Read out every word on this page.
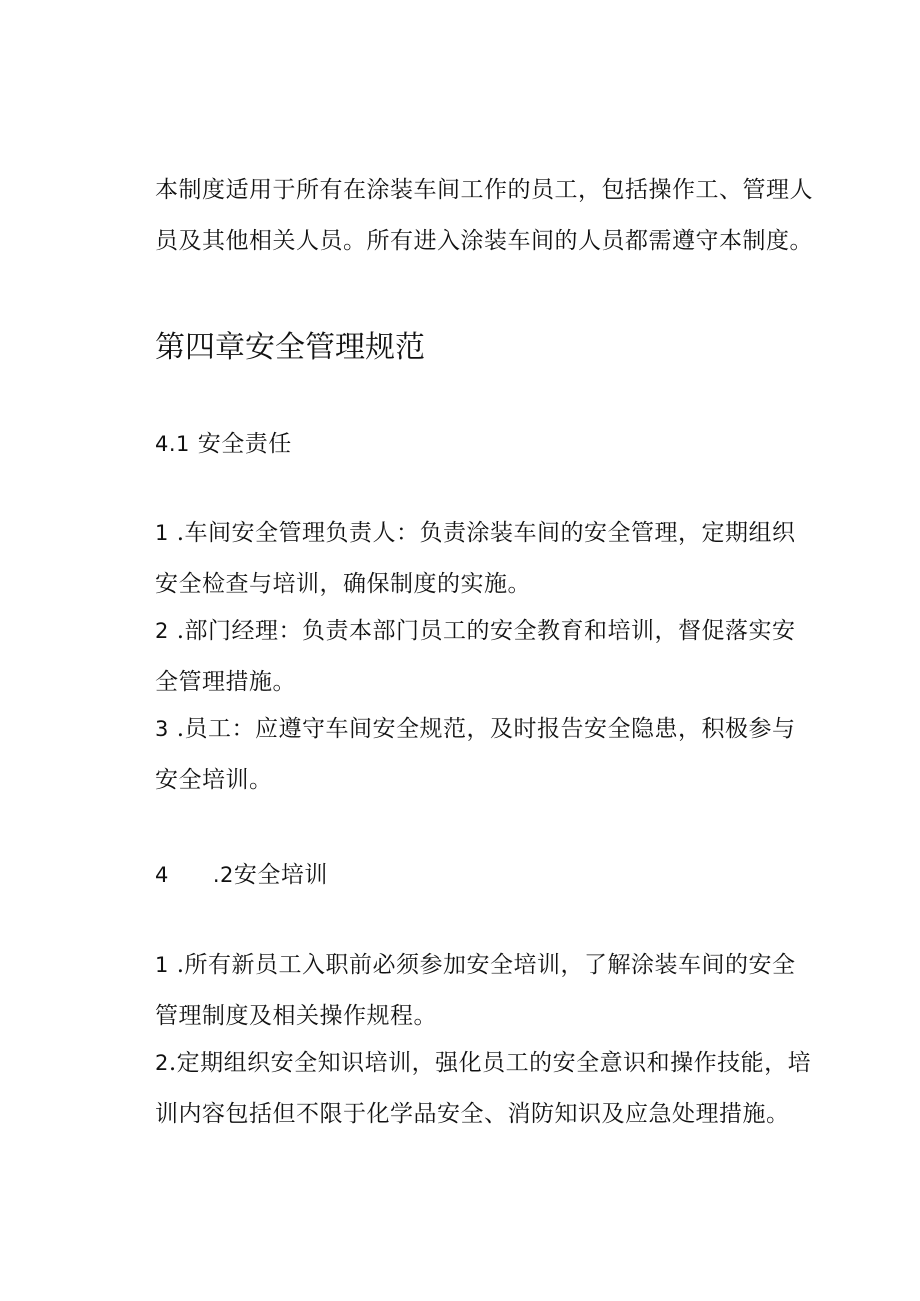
本制度适用于所有在涂装车间工作的员工，包括操作工、管理人员及其他相关人员。所有进入涂装车间的人员都需遵守本制度。

第四章安全管理规范

4.1 安全责任

1 .车间安全管理负责人：负责涂装车间的安全管理，定期组织安全检查与培训，确保制度的实施。

2 .部门经理：负责本部门员工的安全教育和培训，督促落实安全管理措施。

3 .员工：应遵守车间安全规范，及时报告安全隐患，积极参与安全培训。

4 .2安全培训

1 .所有新员工入职前必须参加安全培训，了解涂装车间的安全管理制度及相关操作规程。

2.定期组织安全知识培训，强化员工的安全意识和操作技能，培训内容包括但不限于化学品安全、消防知识及应急处理措施。
